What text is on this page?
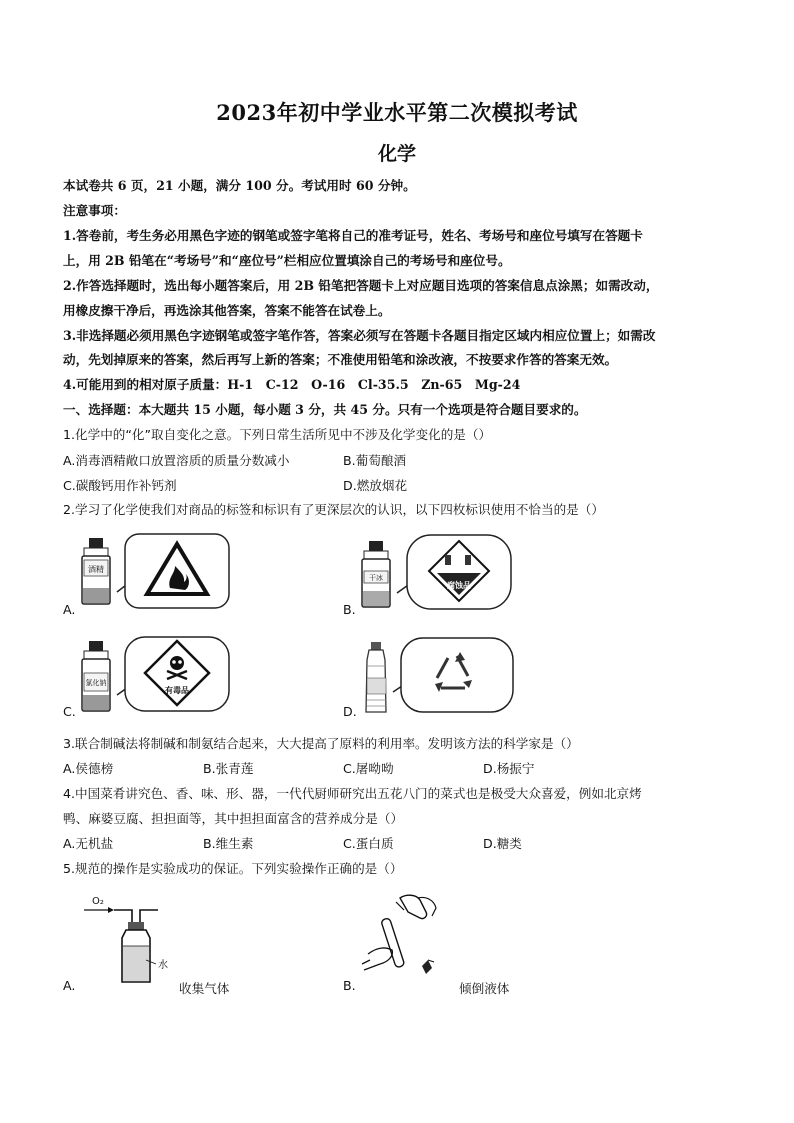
2023年初中学业水平第二次模拟考试
化学
本试卷共 6 页，21 小题，满分 100 分。考试用时 60 分钟。
注意事项：
1.答卷前，考生务必用黑色字迹的钢笔或签字笔将自己的准考证号，姓名、考场号和座位号填写在答题卡
上，用 2B 铅笔在“考场号”和“座位号”栏相应位置填涂自己的考场号和座位号。
2.作答选择题时，选出每小题答案后，用 2B 铅笔把答题卡上对应题目选项的答案信息点涂黑；如需改动，
用橡皮擦干净后，再选涂其他答案，答案不能答在试卷上。
3.非选择题必须用黑色字迹钢笔或签字笔作答，答案必须写在答题卡各题目指定区域内相应位置上；如需改
动，先划掉原来的答案，然后再写上新的答案；不准使用铅笔和涂改液，不按要求作答的答案无效。
4.可能用到的相对原子质量：H-1　C-12　O-16　Cl-35.5　Zn-65　Mg-24
一、选择题：本大题共 15 小题，每小题 3 分，共 45 分。只有一个选项是符合题目要求的。
1.化学中的“化”取自变化之意。下列日常生活所见中不涉及化学变化的是（）
A.消毒酒精敞口放置溶质的质量分数减小	B.葡萄酿酒
C.碳酸钙用作补钙剂	D.燃放烟花
2.学习了化学使我们对商品的标签和标识有了更深层次的认识，以下四枚标识使用不恰当的是（）
酒精
A.
干冰
腐蚀品
B.
氯化钠
有毒品
C.	D.
3.联合制碱法将制碱和制氨结合起来，大大提高了原料的利用率。发明该方法的科学家是（）
A.侯德榜	B.张青莲	C.屠呦呦	D.杨振宁
4.中国菜肴讲究色、香、味、形、器，一代代厨师研究出五花八门的菜式也是极受大众喜爱，例如北京烤
鸭、麻婆豆腐、担担面等，其中担担面富含的营养成分是（）
A.无机盐	B.维生素	C.蛋白质	D.糖类
5.规范的操作是实验成功的保证。下列实验操作正确的是（）
O₂
水
A.	收集气体	B.	倾倒液体
